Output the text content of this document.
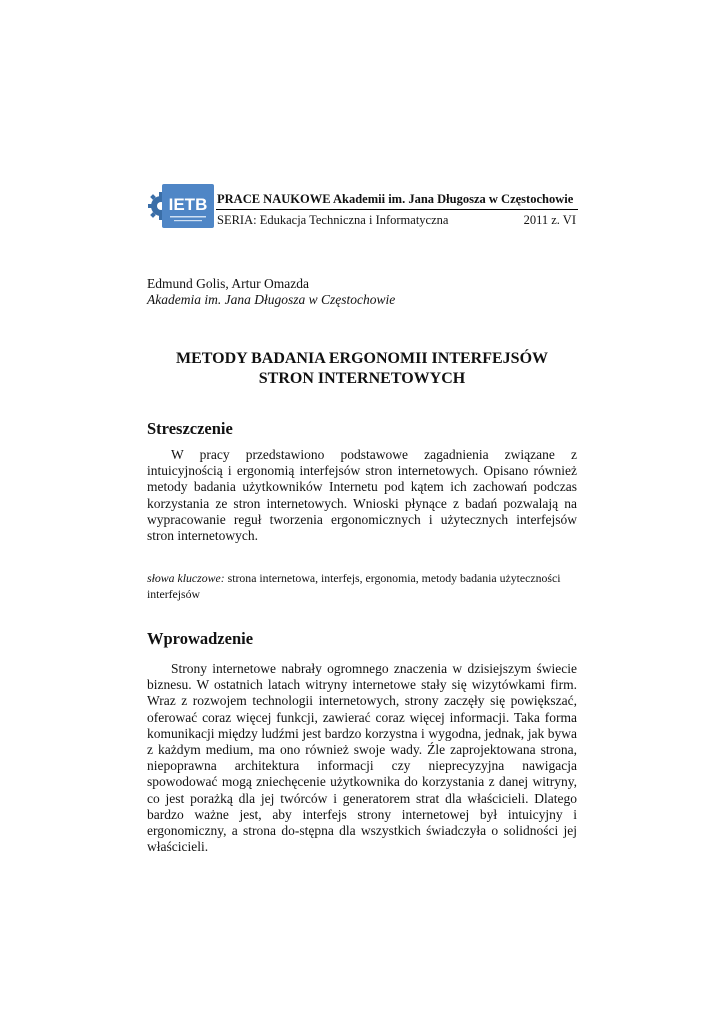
IETB PRACE NAUKOWE Akademii im. Jana Długosza w Częstochowie
SERIA: Edukacja Techniczna i Informatyczna	2011 z. VI
Edmund Golis, Artur Omazda
Akademia im. Jana Długosza w Częstochowie
METODY BADANIA ERGONOMII INTERFEJSÓW
STRON INTERNETOWYCH
Streszczenie

W pracy przedstawiono podstawowe zagadnienia związane z intuicyjnością i ergonomią interfejsów stron internetowych. Opisano również metody badania użytkowników Internetu pod kątem ich zachowań podczas korzystania ze stron internetowych. Wnioski płynące z badań pozwalają na wypracowanie reguł tworzenia ergonomicznych i użytecznych interfejsów stron internetowych.

słowa kluczowe: strona internetowa, interfejs, ergonomia, metody badania użyteczności interfejsów
Wprowadzenie

Strony internetowe nabrały ogromnego znaczenia w dzisiejszym świecie biznesu. W ostatnich latach witryny internetowe stały się wizytówkami firm. Wraz z rozwojem technologii internetowych, strony zaczęły się powiększać, oferować coraz więcej funkcji, zawierać coraz więcej informacji. Taka forma komunikacji między ludźmi jest bardzo korzystna i wygodna, jednak, jak bywa z każdym medium, ma ono również swoje wady. Źle zaprojektowana strona, niepoprawna architektura informacji czy nieprecyzyjna nawigacja spowodować mogą zniechęcenie użytkownika do korzystania z danej witryny, co jest porażką dla jej twórców i generatorem strat dla właścicieli. Dlatego bardzo ważne jest, aby interfejs strony internetowej był intuicyjny i ergonomiczny, a strona do-stępna dla wszystkich świadczyła o solidności jej właścicieli.
